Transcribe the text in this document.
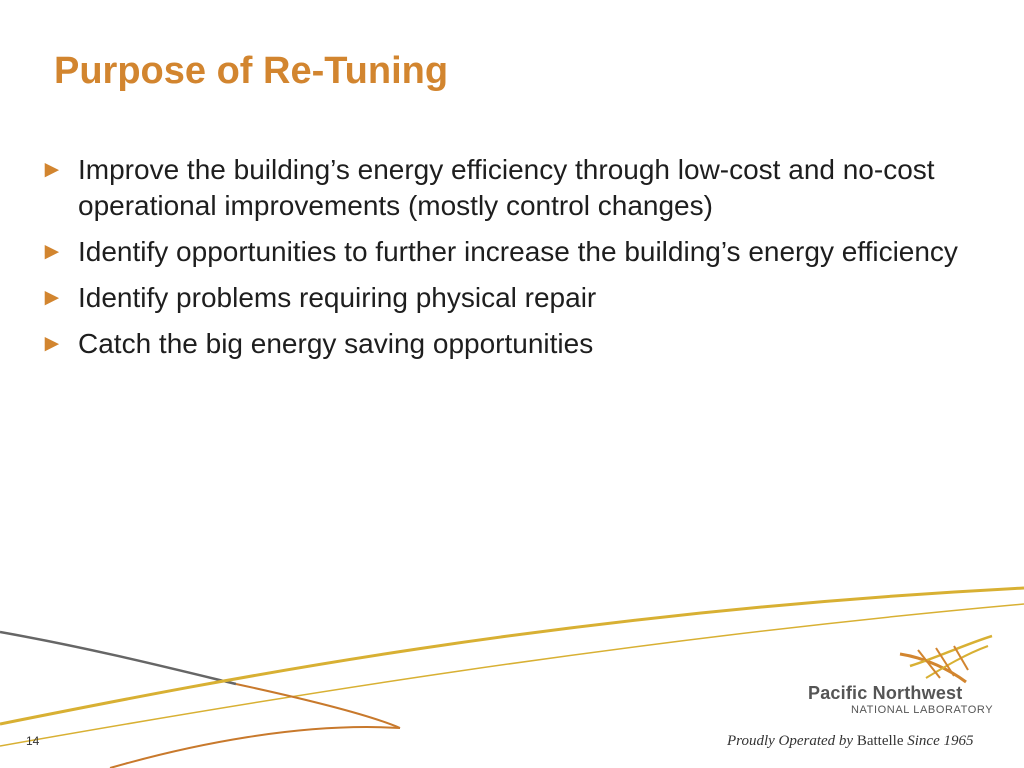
Purpose of Re-Tuning
► Improve the building’s energy efficiency through low-cost and no-cost operational improvements (mostly control changes)
► Identify opportunities to further increase the building’s energy efficiency
► Identify problems requiring physical repair
► Catch the big energy saving opportunities
14
Pacific Northwest
NATIONAL LABORATORY
Proudly Operated by Battelle Since 1965
